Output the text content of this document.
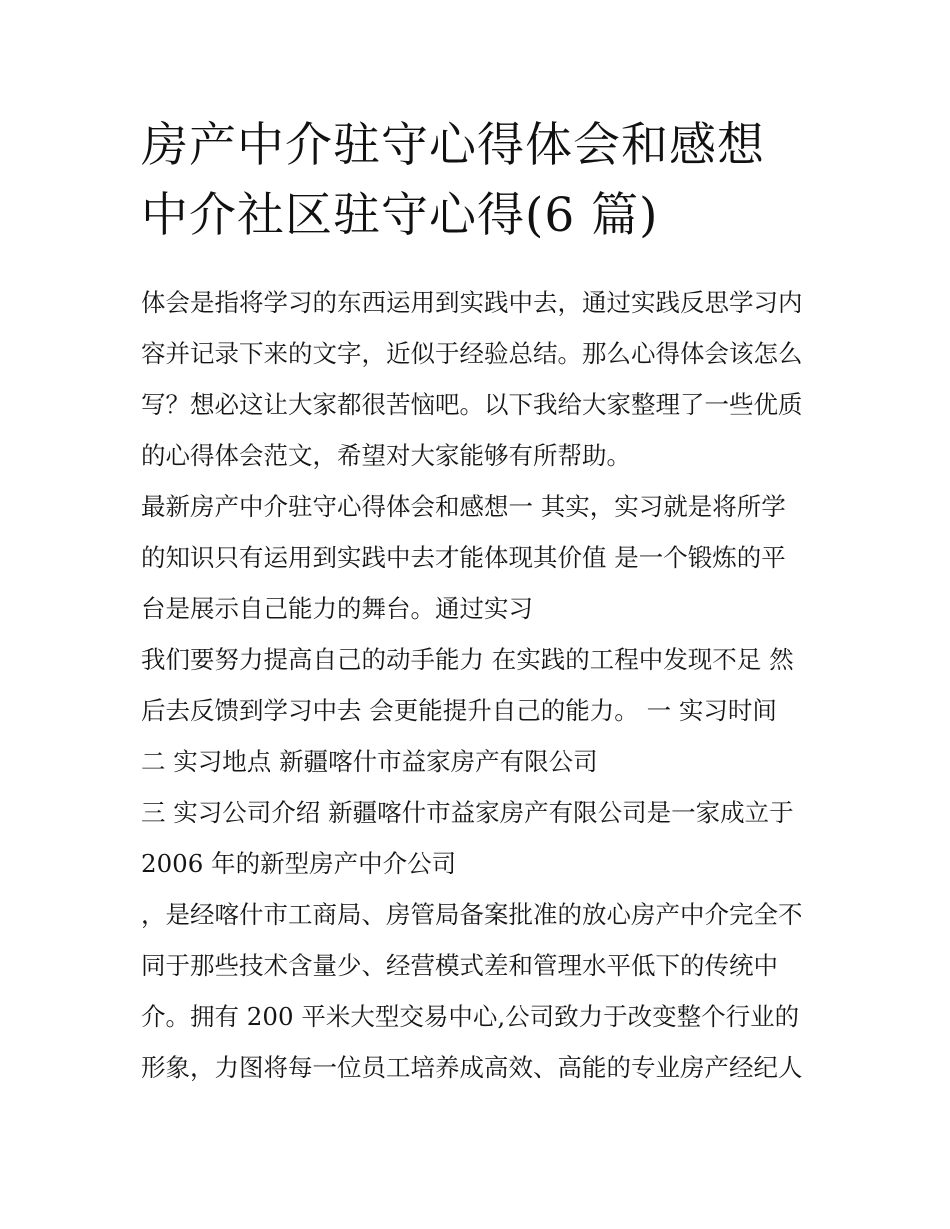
房产中介驻守心得体会和感想
中介社区驻守心得(6 篇)
体会是指将学习的东西运用到实践中去，通过实践反思学习内
容并记录下来的文字，近似于经验总结。那么心得体会该怎么
写？想必这让大家都很苦恼吧。以下我给大家整理了一些优质
的心得体会范文，希望对大家能够有所帮助。
最新房产中介驻守心得体会和感想一 其实，实习就是将所学
的知识只有运用到实践中去才能体现其价值 是一个锻炼的平
台是展示自己能力的舞台。通过实习
我们要努力提高自己的动手能力 在实践的工程中发现不足 然
后去反馈到学习中去 会更能提升自己的能力。 一 实习时间
二 实习地点 新疆喀什市益家房产有限公司
三 实习公司介绍 新疆喀什市益家房产有限公司是一家成立于
2006 年的新型房产中介公司
，是经喀什市工商局、房管局备案批准的放心房产中介完全不
同于那些技术含量少、经营模式差和管理水平低下的传统中
介。拥有 200 平米大型交易中心,公司致力于改变整个行业的
形象，力图将每一位员工培养成高效、高能的专业房产经纪人
